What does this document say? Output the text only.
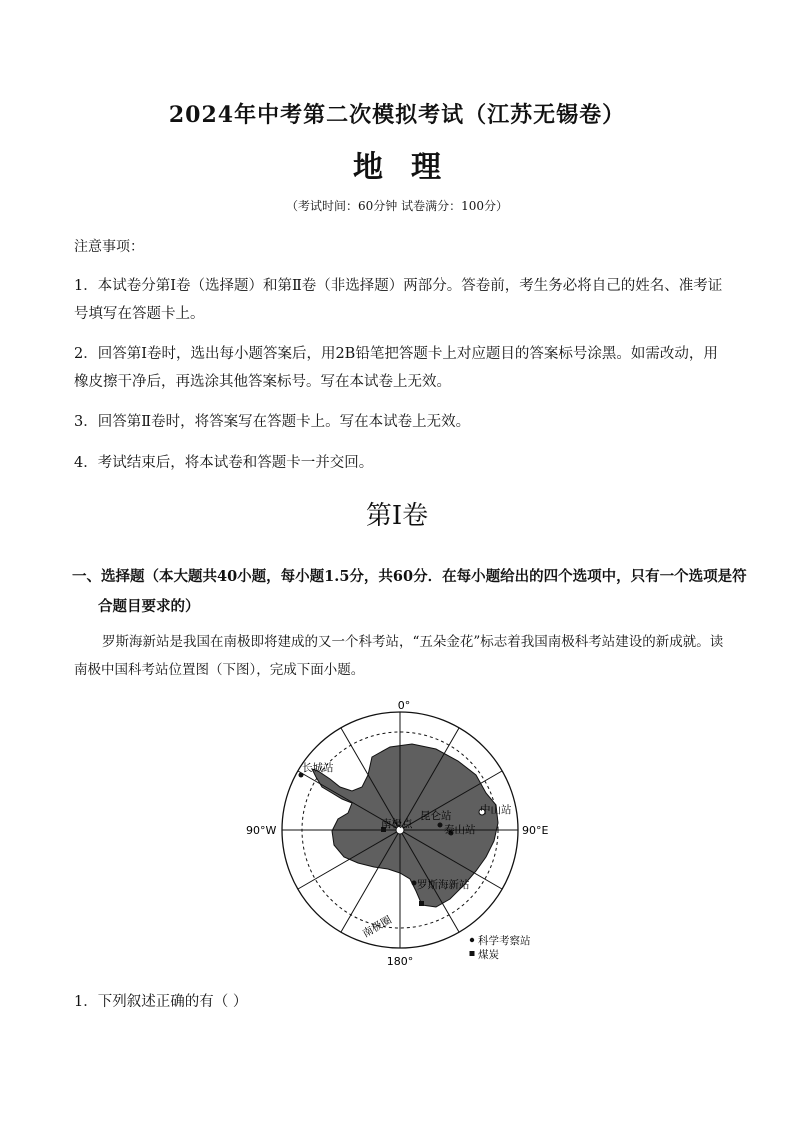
2024年中考第二次模拟考试（江苏无锡卷）
地理
（考试时间：60分钟 试卷满分：100分）
注意事项：
1．本试卷分第Ⅰ卷（选择题）和第Ⅱ卷（非选择题）两部分。答卷前，考生务必将自己的姓名、准考证号填写在答题卡上。
2．回答第Ⅰ卷时，选出每小题答案后，用2B铅笔把答题卡上对应题目的答案标号涂黑。如需改动，用橡皮擦干净后，再选涂其他答案标号。写在本试卷上无效。
3．回答第Ⅱ卷时，将答案写在答题卡上。写在本试卷上无效。
4．考试结束后，将本试卷和答题卡一并交回。
第Ⅰ卷
一、选择题（本大题共40小题，每小题1.5分，共60分．在每小题给出的四个选项中，只有一个选项是符合题目要求的）
罗斯海新站是我国在南极即将建成的又一个科考站，“五朵金花”标志着我国南极科考站建设的新成就。读南极中国科考站位置图（下图），完成下面小题。
0°
180°
90°W	90°E
长城站
南极点
昆仑站	中山站
泰山站
罗斯海新站
南极圈
科学考察站
煤炭
1．下列叙述正确的有（ ）
